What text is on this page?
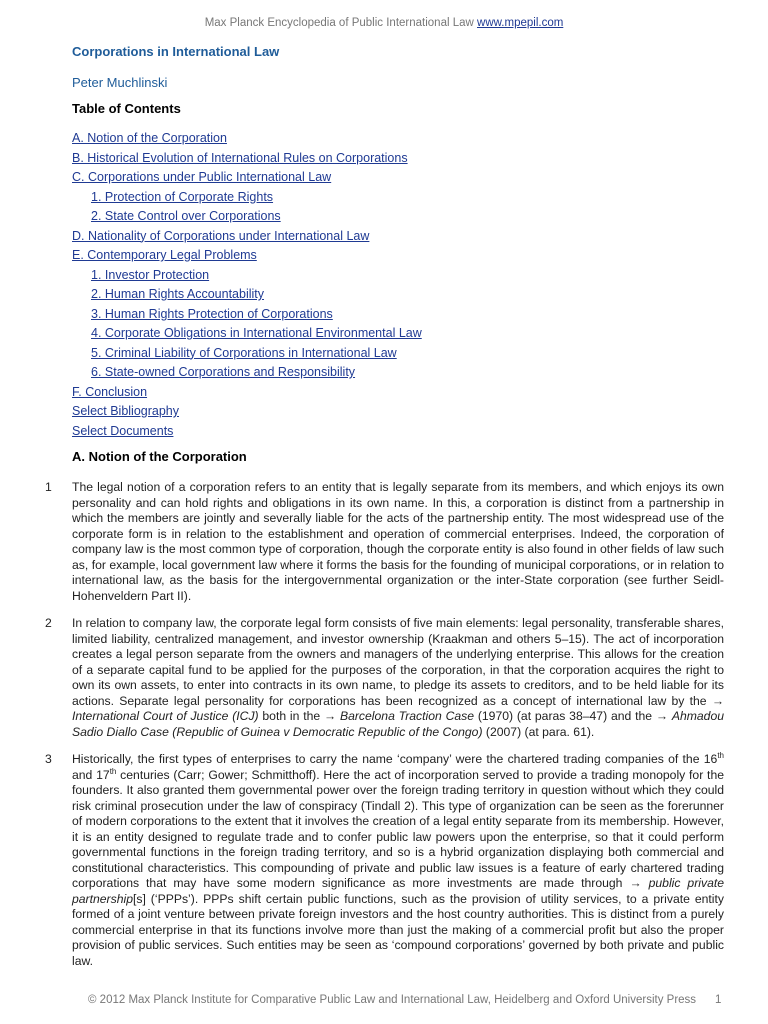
Max Planck Encyclopedia of Public International Law www.mpepil.com
Corporations in International Law
Peter Muchlinski
Table of Contents
A. Notion of the Corporation
B. Historical Evolution of International Rules on Corporations
C. Corporations under Public International Law
1. Protection of Corporate Rights
2. State Control over Corporations
D. Nationality of Corporations under International Law
E. Contemporary Legal Problems
1. Investor Protection
2. Human Rights Accountability
3. Human Rights Protection of Corporations
4. Corporate Obligations in International Environmental Law
5. Criminal Liability of Corporations in International Law
6. State-owned Corporations and Responsibility
F. Conclusion
Select Bibliography
Select Documents
A. Notion of the Corporation
1 The legal notion of a corporation refers to an entity that is legally separate from its members, and which enjoys its own personality and can hold rights and obligations in its own name. In this, a corporation is distinct from a partnership in which the members are jointly and severally liable for the acts of the partnership entity. The most widespread use of the corporate form is in relation to the establishment and operation of commercial enterprises. Indeed, the corporation of company law is the most common type of corporation, though the corporate entity is also found in other fields of law such as, for example, local government law where it forms the basis for the founding of municipal corporations, or in relation to international law, as the basis for the intergovernmental organization or the inter-State corporation (see further Seidl-Hohenveldern Part II).

2 In relation to company law, the corporate legal form consists of five main elements: legal personality, transferable shares, limited liability, centralized management, and investor ownership (Kraakman and others 5–15). The act of incorporation creates a legal person separate from the owners and managers of the underlying enterprise. This allows for the creation of a separate capital fund to be applied for the purposes of the corporation, in that the corporation acquires the right to own its own assets, to enter into contracts in its own name, to pledge its assets to creditors, and to be held liable for its actions. Separate legal personality for corporations has been recognized as a concept of international law by the → International Court of Justice (ICJ) both in the → Barcelona Traction Case (1970) (at paras 38–47) and the → Ahmadou Sadio Diallo Case (Republic of Guinea v Democratic Republic of the Congo) (2007) (at para. 61).

3 Historically, the first types of enterprises to carry the name ‘company’ were the chartered trading companies of the 16th and 17th centuries (Carr; Gower; Schmitthoff). Here the act of incorporation served to provide a trading monopoly for the founders. It also granted them governmental power over the foreign trading territory in question without which they could risk criminal prosecution under the law of conspiracy (Tindall 2). This type of organization can be seen as the forerunner of modern corporations to the extent that it involves the creation of a legal entity separate from its membership. However, it is an entity designed to regulate trade and to confer public law powers upon the enterprise, so that it could perform governmental functions in the foreign trading territory, and so is a hybrid organization displaying both commercial and constitutional characteristics. This compounding of private and public law issues is a feature of early chartered trading corporations that may have some modern significance as more investments are made through → public private partnership[s] (‘PPPs’). PPPs shift certain public functions, such as the provision of utility services, to a private entity formed of a joint venture between private foreign investors and the host country authorities. This is distinct from a purely commercial enterprise in that its functions involve more than just the making of a commercial profit but also the proper provision of public services. Such entities may be seen as ‘compound corporations’ governed by both private and public law.

© 2012 Max Planck Institute for Comparative Public Law and International Law, Heidelberg and Oxford University Press 1
